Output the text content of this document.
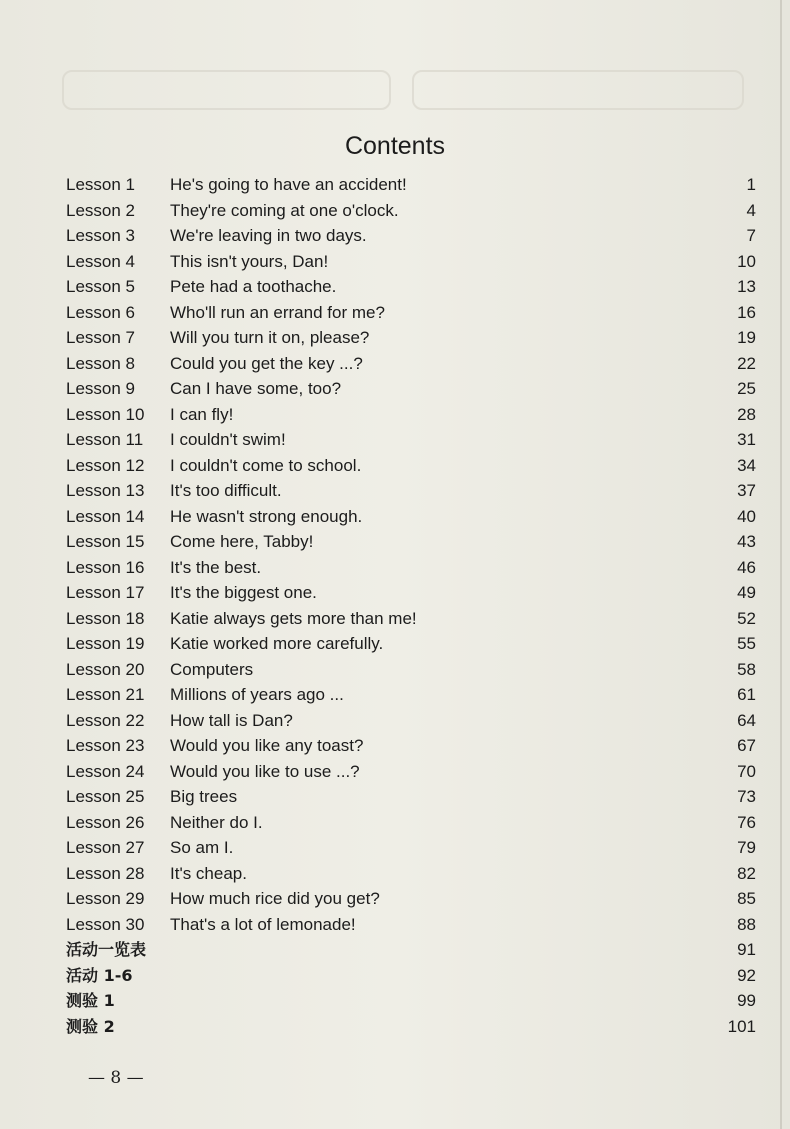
Contents
Lesson 1 He's going to have an accident!	1
Lesson 2 They're coming at one o'clock.	4
Lesson 3 We're leaving in two days.	7
Lesson 4 This isn't yours, Dan!	10
Lesson 5 Pete had a toothache.	13
Lesson 6 Who'll run an errand for me?	16
Lesson 7 Will you turn it on, please?	19
Lesson 8 Could you get the key ...?	22
Lesson 9 Can I have some, too?	25
Lesson 10 I can fly!	28
Lesson 11 I couldn't swim!	31
Lesson 12 I couldn't come to school.	34
Lesson 13 It's too difficult.	37
Lesson 14 He wasn't strong enough.	40
Lesson 15 Come here, Tabby!	43
Lesson 16 It's the best.	46
Lesson 17 It's the biggest one.	49
Lesson 18 Katie always gets more than me!	52
Lesson 19 Katie worked more carefully.	55
Lesson 20 Computers	58
Lesson 21 Millions of years ago ...	61
Lesson 22 How tall is Dan?	64
Lesson 23 Would you like any toast?	67
Lesson 24 Would you like to use ...?	70
Lesson 25 Big trees	73
Lesson 26 Neither do I.	76
Lesson 27 So am I.	79
Lesson 28 It's cheap.	82
Lesson 29 How much rice did you get?	85
Lesson 30 That's a lot of lemonade!	88
活动一览表	91
活动 1-6	92
测验 1	99
测验 2	101
— 8 —
